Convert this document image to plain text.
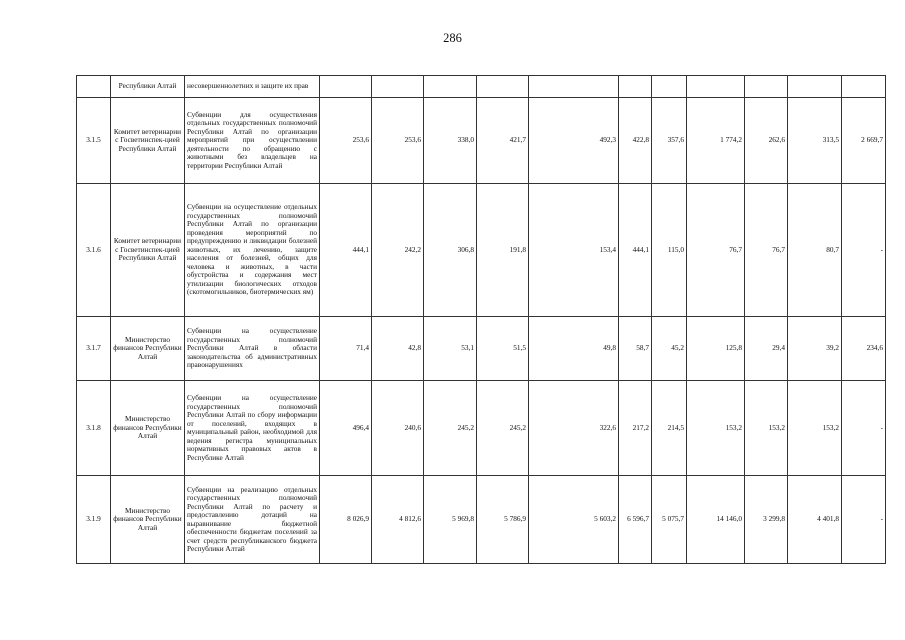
286
	Республики Алтай	несовершеннолетних и защите их прав											
3.1.5	Комитет ветеринарии с Госветинспек-цией Республики Алтай	Субвенции для осуществления отдельных государственных полномочий Республики Алтай по организации мероприятий при осуществлении деятельности по обращению с животными без владельцев на территории Республики Алтай	253,6	253,6	338,0	421,7	492,3	422,8	357,6	1 774,2	262,6	313,5	2 669,7
3.1.6	Комитет ветеринарии с Госветинспек-цией Республики Алтай	Субвенции на осуществление отдельных государственных полномочий Республики Алтай по организации проведения мероприятий по предупреждению и ликвидации болезней животных, их лечению, защите населения от болезней, общих для человека и животных, в части обустройства и содержания мест утилизации биологических отходов (скотомогильников, биотермических ям)	444,1	242,2	306,8	191,8	153,4	444,1	115,0	76,7	76,7	80,7	-
3.1.7	Министерство финансов Республики Алтай	Субвенции на осуществление государственных полномочий Республики Алтай в области законодательства об административных правонарушениях	71,4	42,8	53,1	51,5	49,8	58,7	45,2	125,8	29,4	39,2	234,6
3.1.8	Министерство финансов Республики Алтай	Субвенции на осуществление государственных полномочий Республики Алтай по сбору информации от поселений, входящих в муниципальный район, необходимой для ведения регистра муниципальных нормативных правовых актов в Республике Алтай	496,4	240,6	245,2	245,2	322,6	217,2	214,5	153,2	153,2	153,2	-
3.1.9	Министерство финансов Республики Алтай	Субвенции на реализацию отдельных государственных полномочий Республики Алтай по расчету и предоставлению дотаций на выравнивание бюджетной обеспеченности бюджетам поселений за счет средств республиканского бюджета Республики Алтай	8 026,9	4 812,6	5 969,8	5 786,9	5 603,2	6 596,7	5 075,7	14 146,0	3 299,8	4 401,8	-
